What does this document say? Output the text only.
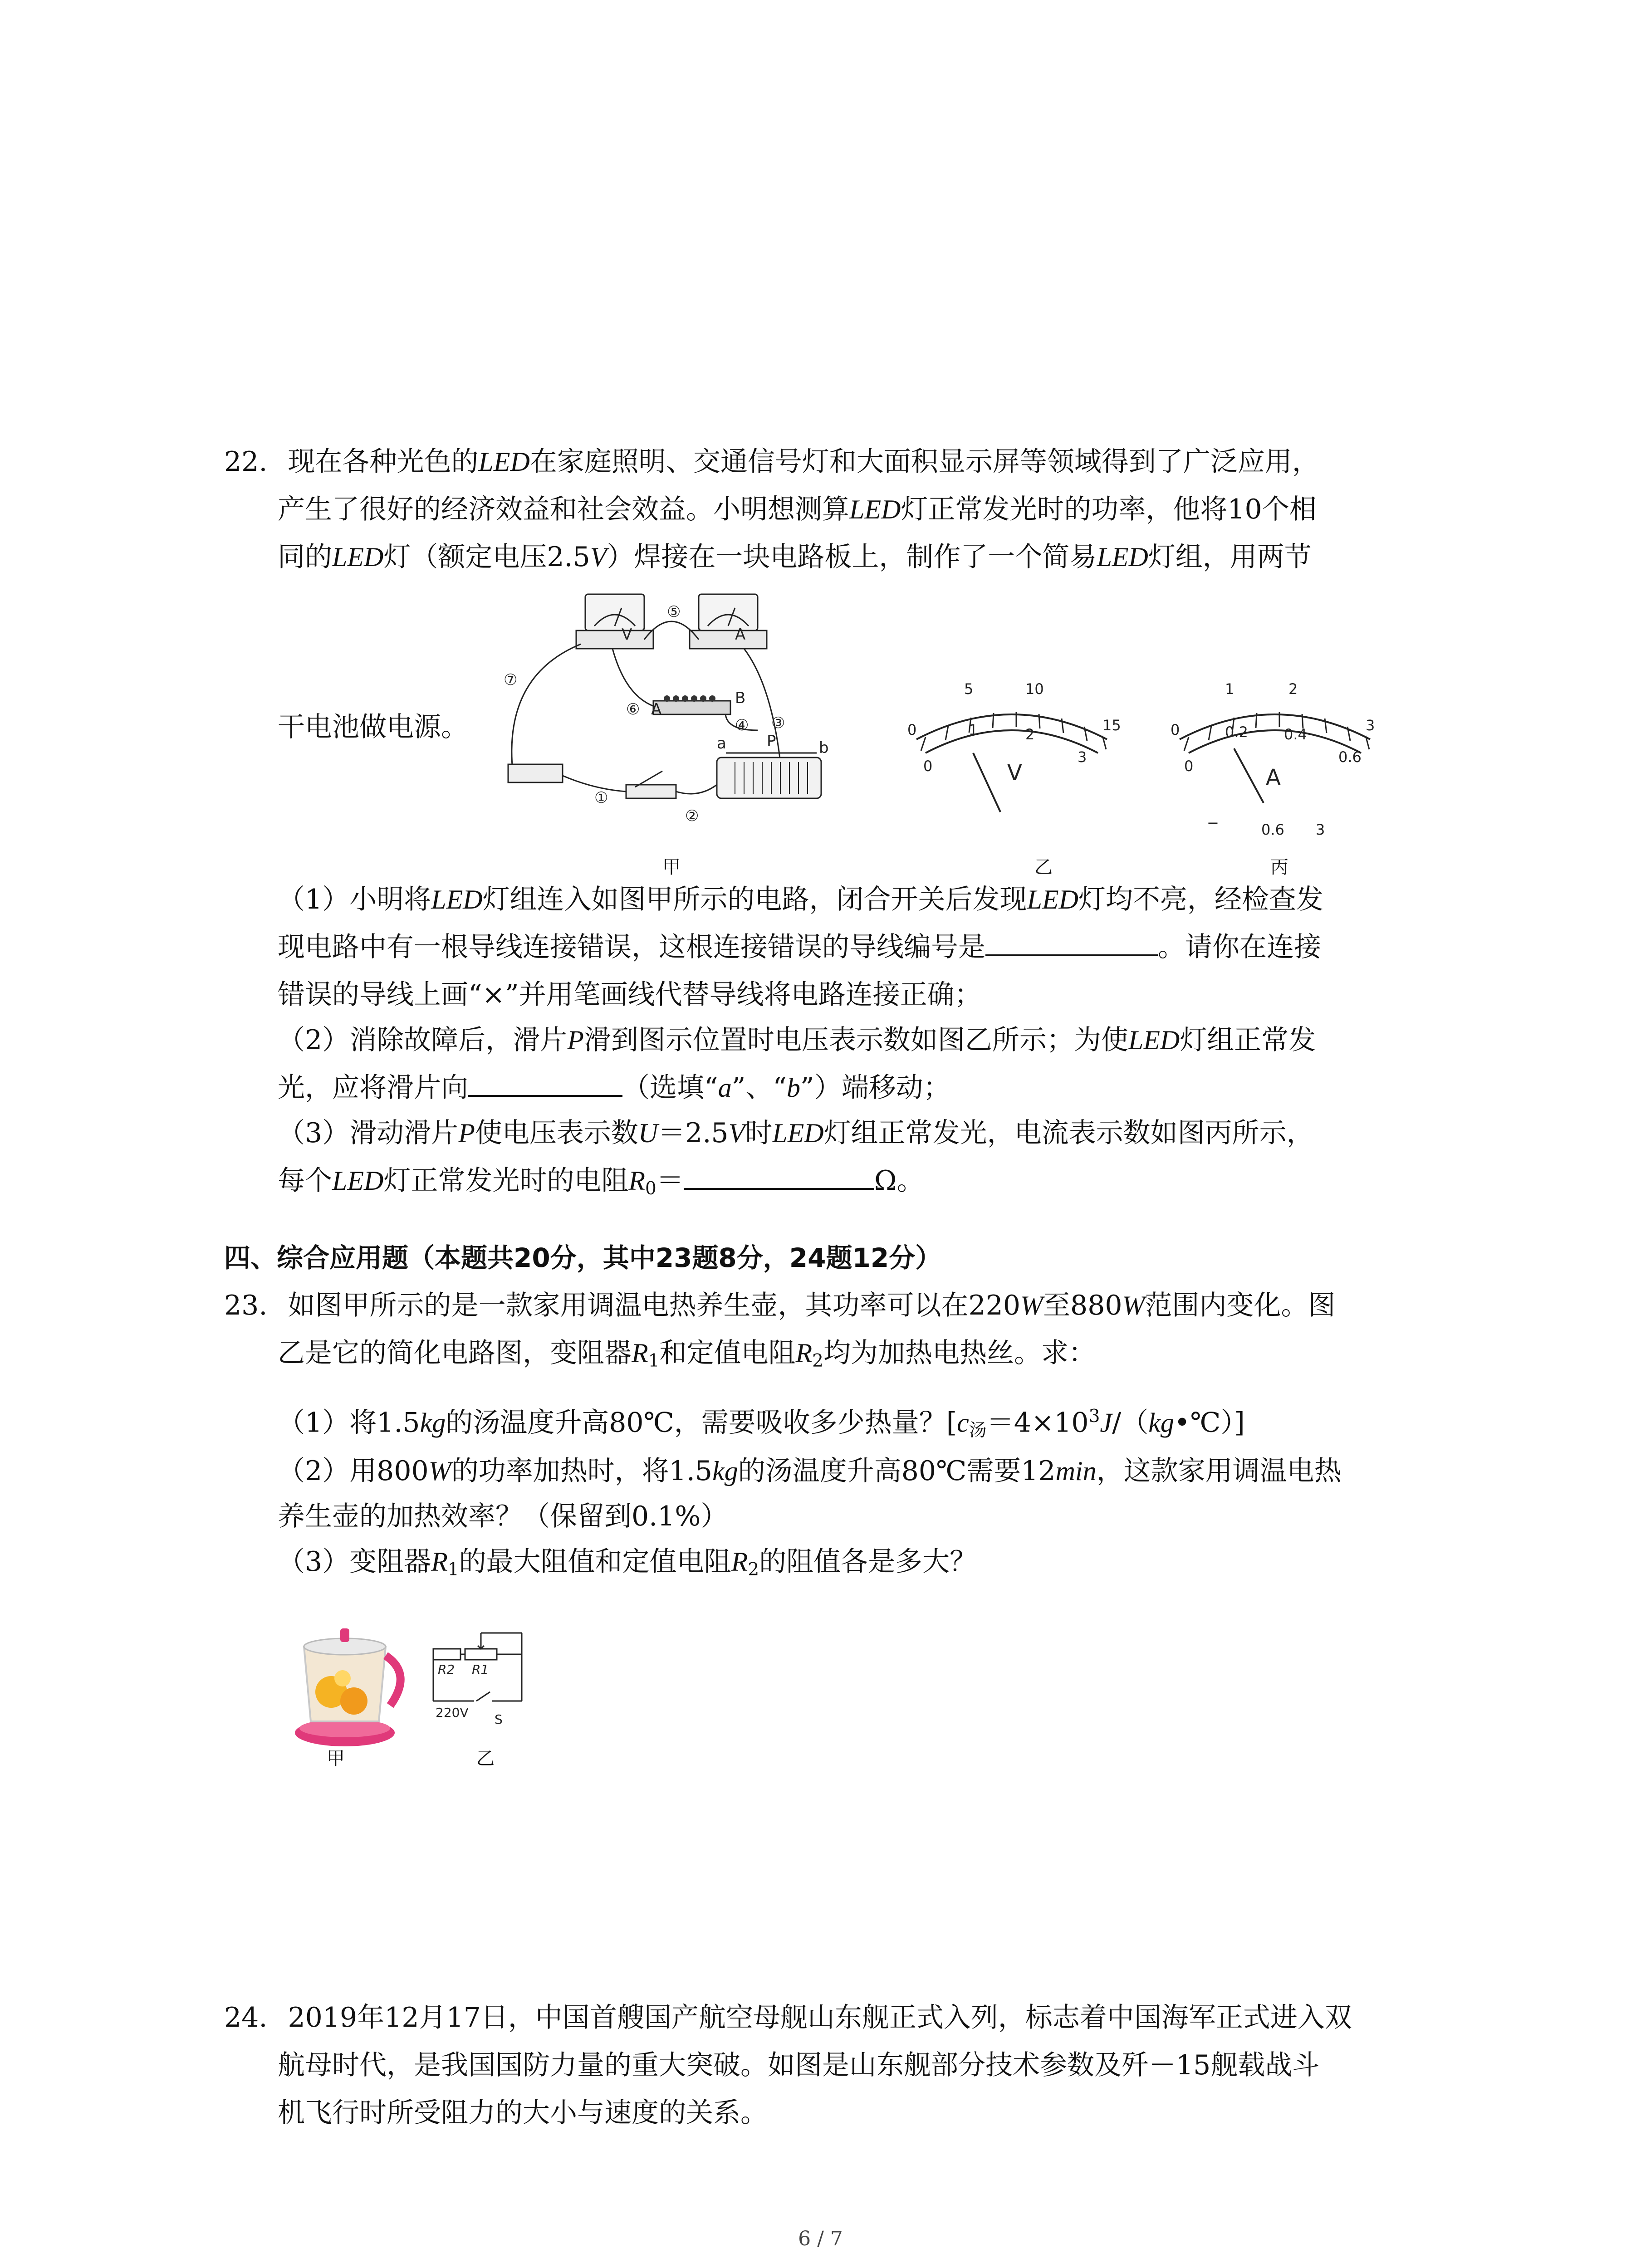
22. 现在各种光色的LED在家庭照明、交通信号灯和大面积显示屏等领域得到了广泛应用，
产生了很好的经济效益和社会效益。小明想测算LED灯正常发光时的功率，他将10个相
同的LED灯（额定电压2.5V）焊接在一块电路板上，制作了一个简易LED灯组，用两节
干电池做电源。
V	A
⑤
⑦
⑥
③
④
①
②
A
B
a	P	b
0
5	10
15
0
1	2
3
V
0
1	2
3
0
0.2 0.4
0.6
A
−	0.6 3
甲	乙	丙
（1）小明将LED灯组连入如图甲所示的电路，闭合开关后发现LED灯均不亮，经检查发
现电路中有一根导线连接错误，这根连接错误的导线编号是	。请你在连接
错误的导线上画“×”并用笔画线代替导线将电路连接正确；
（2）消除故障后，滑片P滑到图示位置时电压表示数如图乙所示；为使LED灯组正常发
光，应将滑片向	（选填“a”、“b”）端移动；
（3）滑动滑片P使电压表示数U＝2.5V时LED灯组正常发光，电流表示数如图丙所示，
每个LED灯正常发光时的电阻$R_0=$	Ω。
四、综合应用题（本题共20分，其中23题8分，24题12分）
23. 如图甲所示的是一款家用调温电热养生壶，其功率可以在220W至880W范围内变化。图
乙是它的简化电路图，变阻器$R_1$和定值电阻$R_2$均为加热电热丝。求：
（1）将1.5kg的汤温度升高80℃，需要吸收多少热量？$[c_汤=4\times 10^3J/(kg•℃)]$
（2）用800W的功率加热时，将1.5kg的汤温度升高80℃需要12min，这款家用调温电热
养生壶的加热效率？（保留到0.1%）
（3）变阻器$R_1$的最大阻值和定值电阻$R_2$的阻值各是多大？
R2 R1
220V S
甲	乙
24. 2019年12月17日，中国首艘国产航空母舰山东舰正式入列，标志着中国海军正式进入双
航母时代，是我国国防力量的重大突破。如图是山东舰部分技术参数及歼－15舰载战斗
机飞行时所受阻力的大小与速度的关系。
6 / 7
